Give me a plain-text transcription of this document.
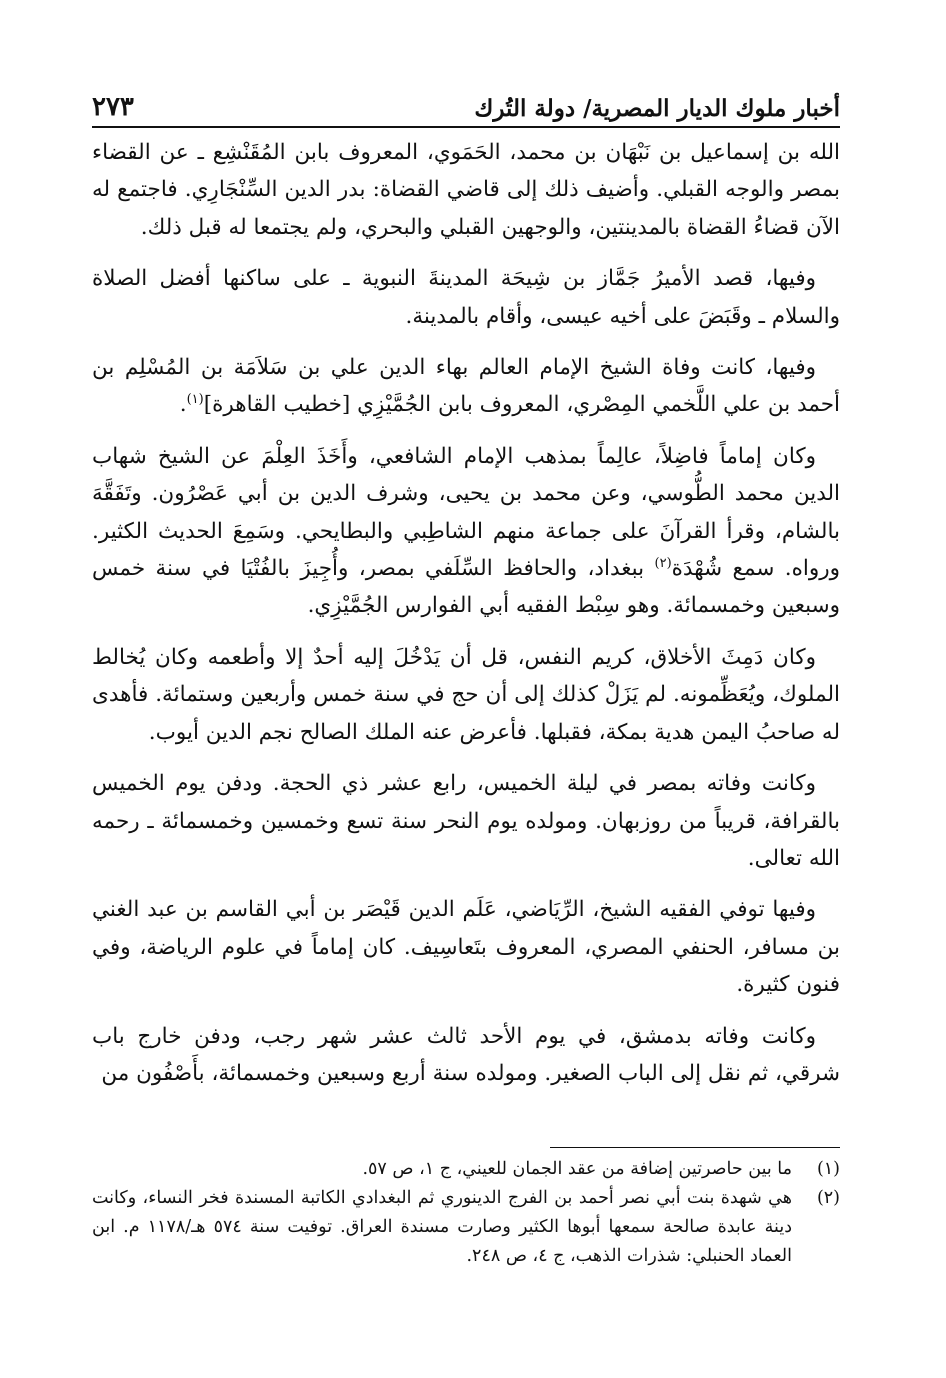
أخبار ملوك الديار المصرية/ دولة التُرك
٢٧٣

الله بن إسماعيل بن نَبْهَان بن محمد، الحَمَوي، المعروف بابن المُقَنْشِع ـ عن القضاء بمصر والوجه القبلي. وأضيف ذلك إلى قاضي القضاة: بدر الدين السِّنْجَارِي. فاجتمع له الآن قضاءُ القضاة بالمدينتين، والوجهين القبلي والبحري، ولم يجتمعا له قبل ذلك.

وفيها، قصد الأميرُ جَمَّاز بن شِيحَة المدينةَ النبوية ـ على ساكنها أفضل الصلاة والسلام ـ وقَبَضَ على أخيه عيسى، وأقام بالمدينة.

وفيها، كانت وفاة الشيخ الإمام العالم بهاء الدين علي بن سَلاَمَة بن المُسْلِم بن أحمد بن علي اللَّخمي المِصْري، المعروف بابن الجُمَّيْزِي [خطيب القاهرة]$^{(١)}$.

وكان إماماً فاضِلاً، عالِماً بمذهب الإمام الشافعي، وأَخَذَ العِلْمَ عن الشيخ شهاب الدين محمد الطُّوسي، وعن محمد بن يحيى، وشرف الدين بن أبي عَصْرُون. وتَفَقَّهَ بالشام، وقرأ القرآنَ على جماعة منهم الشاطِبي والبطايحي. وسَمِعَ الحديث الكثير. ورواه. سمع شُهْدَة$^{(٢)}$ ببغداد، والحافظ السِّلَفي بمصر، وأُجِيزَ بالفُتْيَا في سنة خمس وسبعين وخمسمائة. وهو سِبْط الفقيه أبي الفوارس الجُمَّيْزِي.

وكان دَمِثَ الأخلاق، كريم النفس، قل أن يَدْخُلَ إليه أحدٌ إلا وأطعمه وكان يُخالط الملوك، ويُعَظِّمونه. لم يَزَلْ كذلك إلى أن حج في سنة خمس وأربعين وستمائة. فأهدى له صاحبُ اليمن هدية بمكة، فقبلها. فأعرض عنه الملك الصالح نجم الدين أيوب.

وكانت وفاته بمصر في ليلة الخميس، رابع عشر ذي الحجة. ودفن يوم الخميس بالقرافة، قريباً من روزبهان. ومولده يوم النحر سنة تسع وخمسين وخمسمائة ـ رحمه الله تعالى.

وفيها توفي الفقيه الشيخ، الرِّيَاضي، عَلَم الدين قَيْصَر بن أبي القاسم بن عبد الغني بن مسافر، الحنفي المصري، المعروف بتَعاسِيف. كان إماماً في علوم الرياضة، وفي فنون كثيرة.

وكانت وفاته بدمشق، في يوم الأحد ثالث عشر شهر رجب، ودفن خارج باب شرقي، ثم نقل إلى الباب الصغير. ومولده سنة أربع وسبعين وخمسمائة، بأَصْفُون من

(١)
ما بين حاصرتين إضافة من عقد الجمان للعيني، ج ١، ص ٥٧.
(٢)
هي شهدة بنت أبي نصر أحمد بن الفرج الدينوري ثم البغدادي الكاتبة المسندة فخر النساء، وكانت دينة عابدة صالحة سمعها أبوها الكثير وصارت مسندة العراق. توفيت سنة ٥٧٤ هـ/١١٧٨ م. ابن العماد الحنبلي: شذرات الذهب، ج ٤، ص ٢٤٨.
